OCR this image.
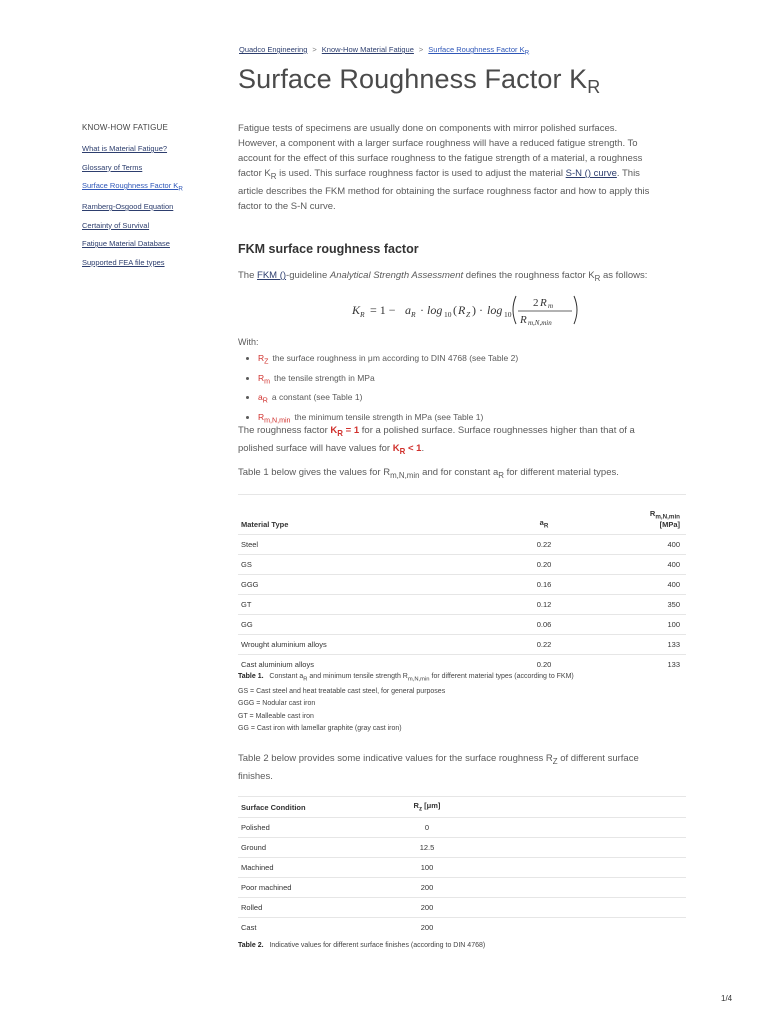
Quadco Engineering > Know-How Material Fatigue > Surface Roughness Factor $K_R$
Surface Roughness Factor $K_R$
KNOW-HOW FATIGUE
What is Material Fatigue?
Glossary of Terms
Surface Roughness Factor $K_R$
Ramberg-Osgood Equation
Certainty of Survival
Fatigue Material Database
Supported FEA file types

Fatigue tests of specimens are usually done on components with mirror polished surfaces. However, a component with a larger surface roughness will have a reduced fatigue strength. To account for the effect of this surface roughness to the fatigue strength of a material, a roughness factor $K_R$ is used. This surface roughness factor is used to adjust the material S-N () curve. This article describes the FKM method for obtaining the surface roughness factor and how to apply this factor to the S-N curve.

FKM surface roughness factor

The FKM ()-guideline Analytical Strength Assessment defines the roughness factor $K_R$ as follows:

K R = 1 − a R · log 10 ( R Z ) · log 10
2 R m
R m,N,min
With:
• $R_Z$ the surface roughness in μm according to DIN 4768 (see Table 2)
• $R_m$ the tensile strength in MPa
• $a_R$ a constant (see Table 1)
• $R_{m,N,min}$ the minimum tensile strength in MPa (see Table 1)

The roughness factor $K_R = 1$ for a polished surface. Surface roughnesses higher than that of a polished surface will have values for $K_R < 1$.

Table 1 below gives the values for $R_{m,N,min}$ and for constant $a_R$ for different material types.

Material Type	$a_R$	$R_{m,N,min}$
[MPa]
Steel	0.22	400
GS	0.20	400
GGG	0.16	400
GT	0.12	350
GG	0.06	100
Wrought aluminium alloys	0.22	133
Cast aluminium alloys	0.20	133
Table 1. Constant $a_R$ and minimum tensile strength $R_{m,N,min}$ for different material types (according to FKM)
GS = Cast steel and heat treatable cast steel, for general purposes
GGG = Nodular cast iron
GT = Malleable cast iron
GG = Cast iron with lamellar graphite (gray cast iron)

Table 2 below provides some indicative values for the surface roughness $R_Z$ of different surface finishes.

Surface Condition	$R_z$ [μm]	
Polished	0	
Ground	12.5	
Machined	100	
Poor machined	200	
Rolled	200	
Cast	200	
Table 2. Indicative values for different surface finishes (according to DIN 4768)
1/4
